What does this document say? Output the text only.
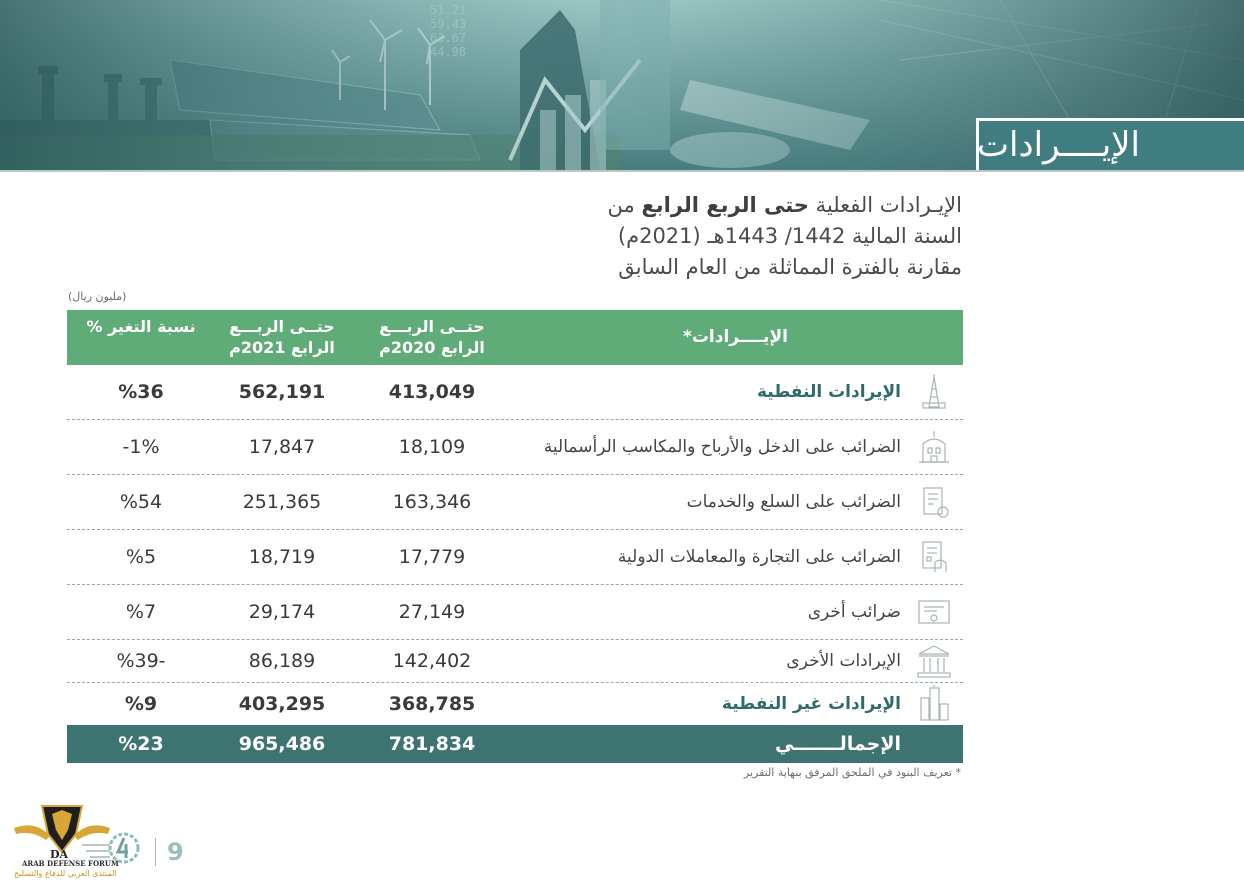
الإيــــرادات
الإيـرادات الفعلية حتى الربع الرابع من
السنة المالية 1442/ 1443هـ (2021م)
مقارنة بالفترة المماثلة من العام السابق
(مليون ريال)
الإيــــرادات*
حتــى الربـــع الرابع 2020م
حتــى الربـــع الرابع 2021م
نسبة التغير %
الإيرادات النفطية
413,049
562,191
%36
الضرائب على الدخل والأرباح والمكاسب الرأسمالية
18,109
17,847
-1%
الضرائب على السلع والخدمات
163,346
251,365
%54
الضرائب على التجارة والمعاملات الدولية
17,779
18,719
%5
ضرائب أخرى
27,149
29,174
%7
الإيرادات الأخرى
142,402
86,189
%39-
الإيرادات غير النفطية
368,785
403,295
%9
الإجمالـــــــي
781,834
965,486
%23
* تعريف البنود في الملحق المرفق بنهاية التقرير
DA
ARAB DEFENSE FORUM
المنتدى العربي للدفاع والتسليح
9
